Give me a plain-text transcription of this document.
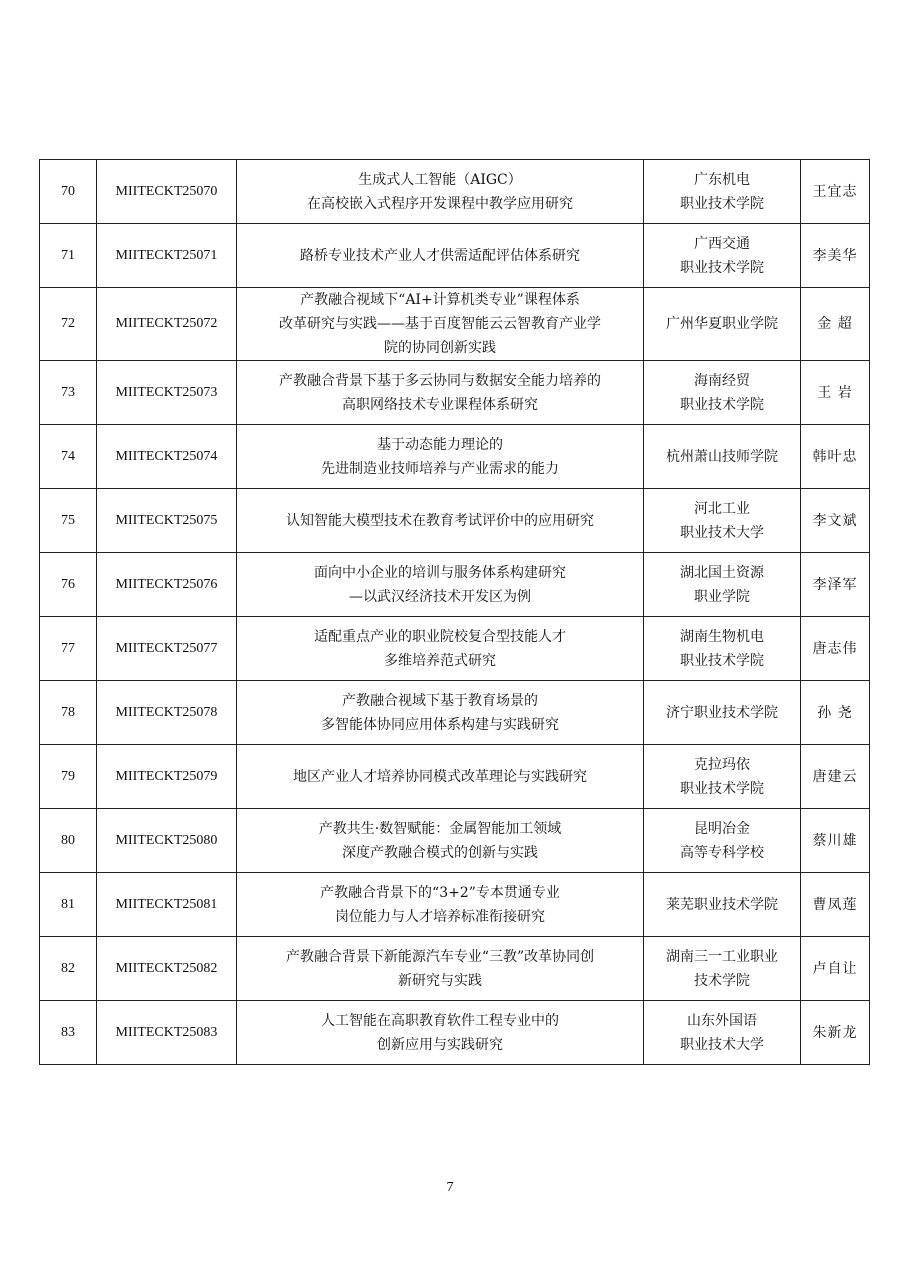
70	MIITECKT25070	生成式人工智能（AIGC）
在高校嵌入式程序开发课程中教学应用研究	广东机电
职业技术学院	王宜志
71	MIITECKT25071	路桥专业技术产业人才供需适配评估体系研究	广西交通
职业技术学院	李美华
72	MIITECKT25072	产教融合视域下“AI+计算机类专业”课程体系
改革研究与实践——基于百度智能云云智教育产业学
院的协同创新实践	广州华夏职业学院	金 超
73	MIITECKT25073	产教融合背景下基于多云协同与数据安全能力培养的
高职网络技术专业课程体系研究	海南经贸
职业技术学院	王 岩
74	MIITECKT25074	基于动态能力理论的
先进制造业技师培养与产业需求的能力	杭州萧山技师学院	韩叶忠
75	MIITECKT25075	认知智能大模型技术在教育考试评价中的应用研究	河北工业
职业技术大学	李文斌
76	MIITECKT25076	面向中小企业的培训与服务体系构建研究
—以武汉经济技术开发区为例	湖北国土资源
职业学院	李泽军
77	MIITECKT25077	适配重点产业的职业院校复合型技能人才
多维培养范式研究	湖南生物机电
职业技术学院	唐志伟
78	MIITECKT25078	产教融合视域下基于教育场景的
多智能体协同应用体系构建与实践研究	济宁职业技术学院	孙 尧
79	MIITECKT25079	地区产业人才培养协同模式改革理论与实践研究	克拉玛依
职业技术学院	唐建云
80	MIITECKT25080	产教共生·数智赋能：金属智能加工领域
深度产教融合模式的创新与实践	昆明冶金
高等专科学校	蔡川雄
81	MIITECKT25081	产教融合背景下的“3+2”专本贯通专业
岗位能力与人才培养标准衔接研究	莱芜职业技术学院	曹凤莲
82	MIITECKT25082	产教融合背景下新能源汽车专业“三教”改革协同创
新研究与实践	湖南三一工业职业
技术学院	卢自让
83	MIITECKT25083	人工智能在高职教育软件工程专业中的
创新应用与实践研究	山东外国语
职业技术大学	朱新龙
7
